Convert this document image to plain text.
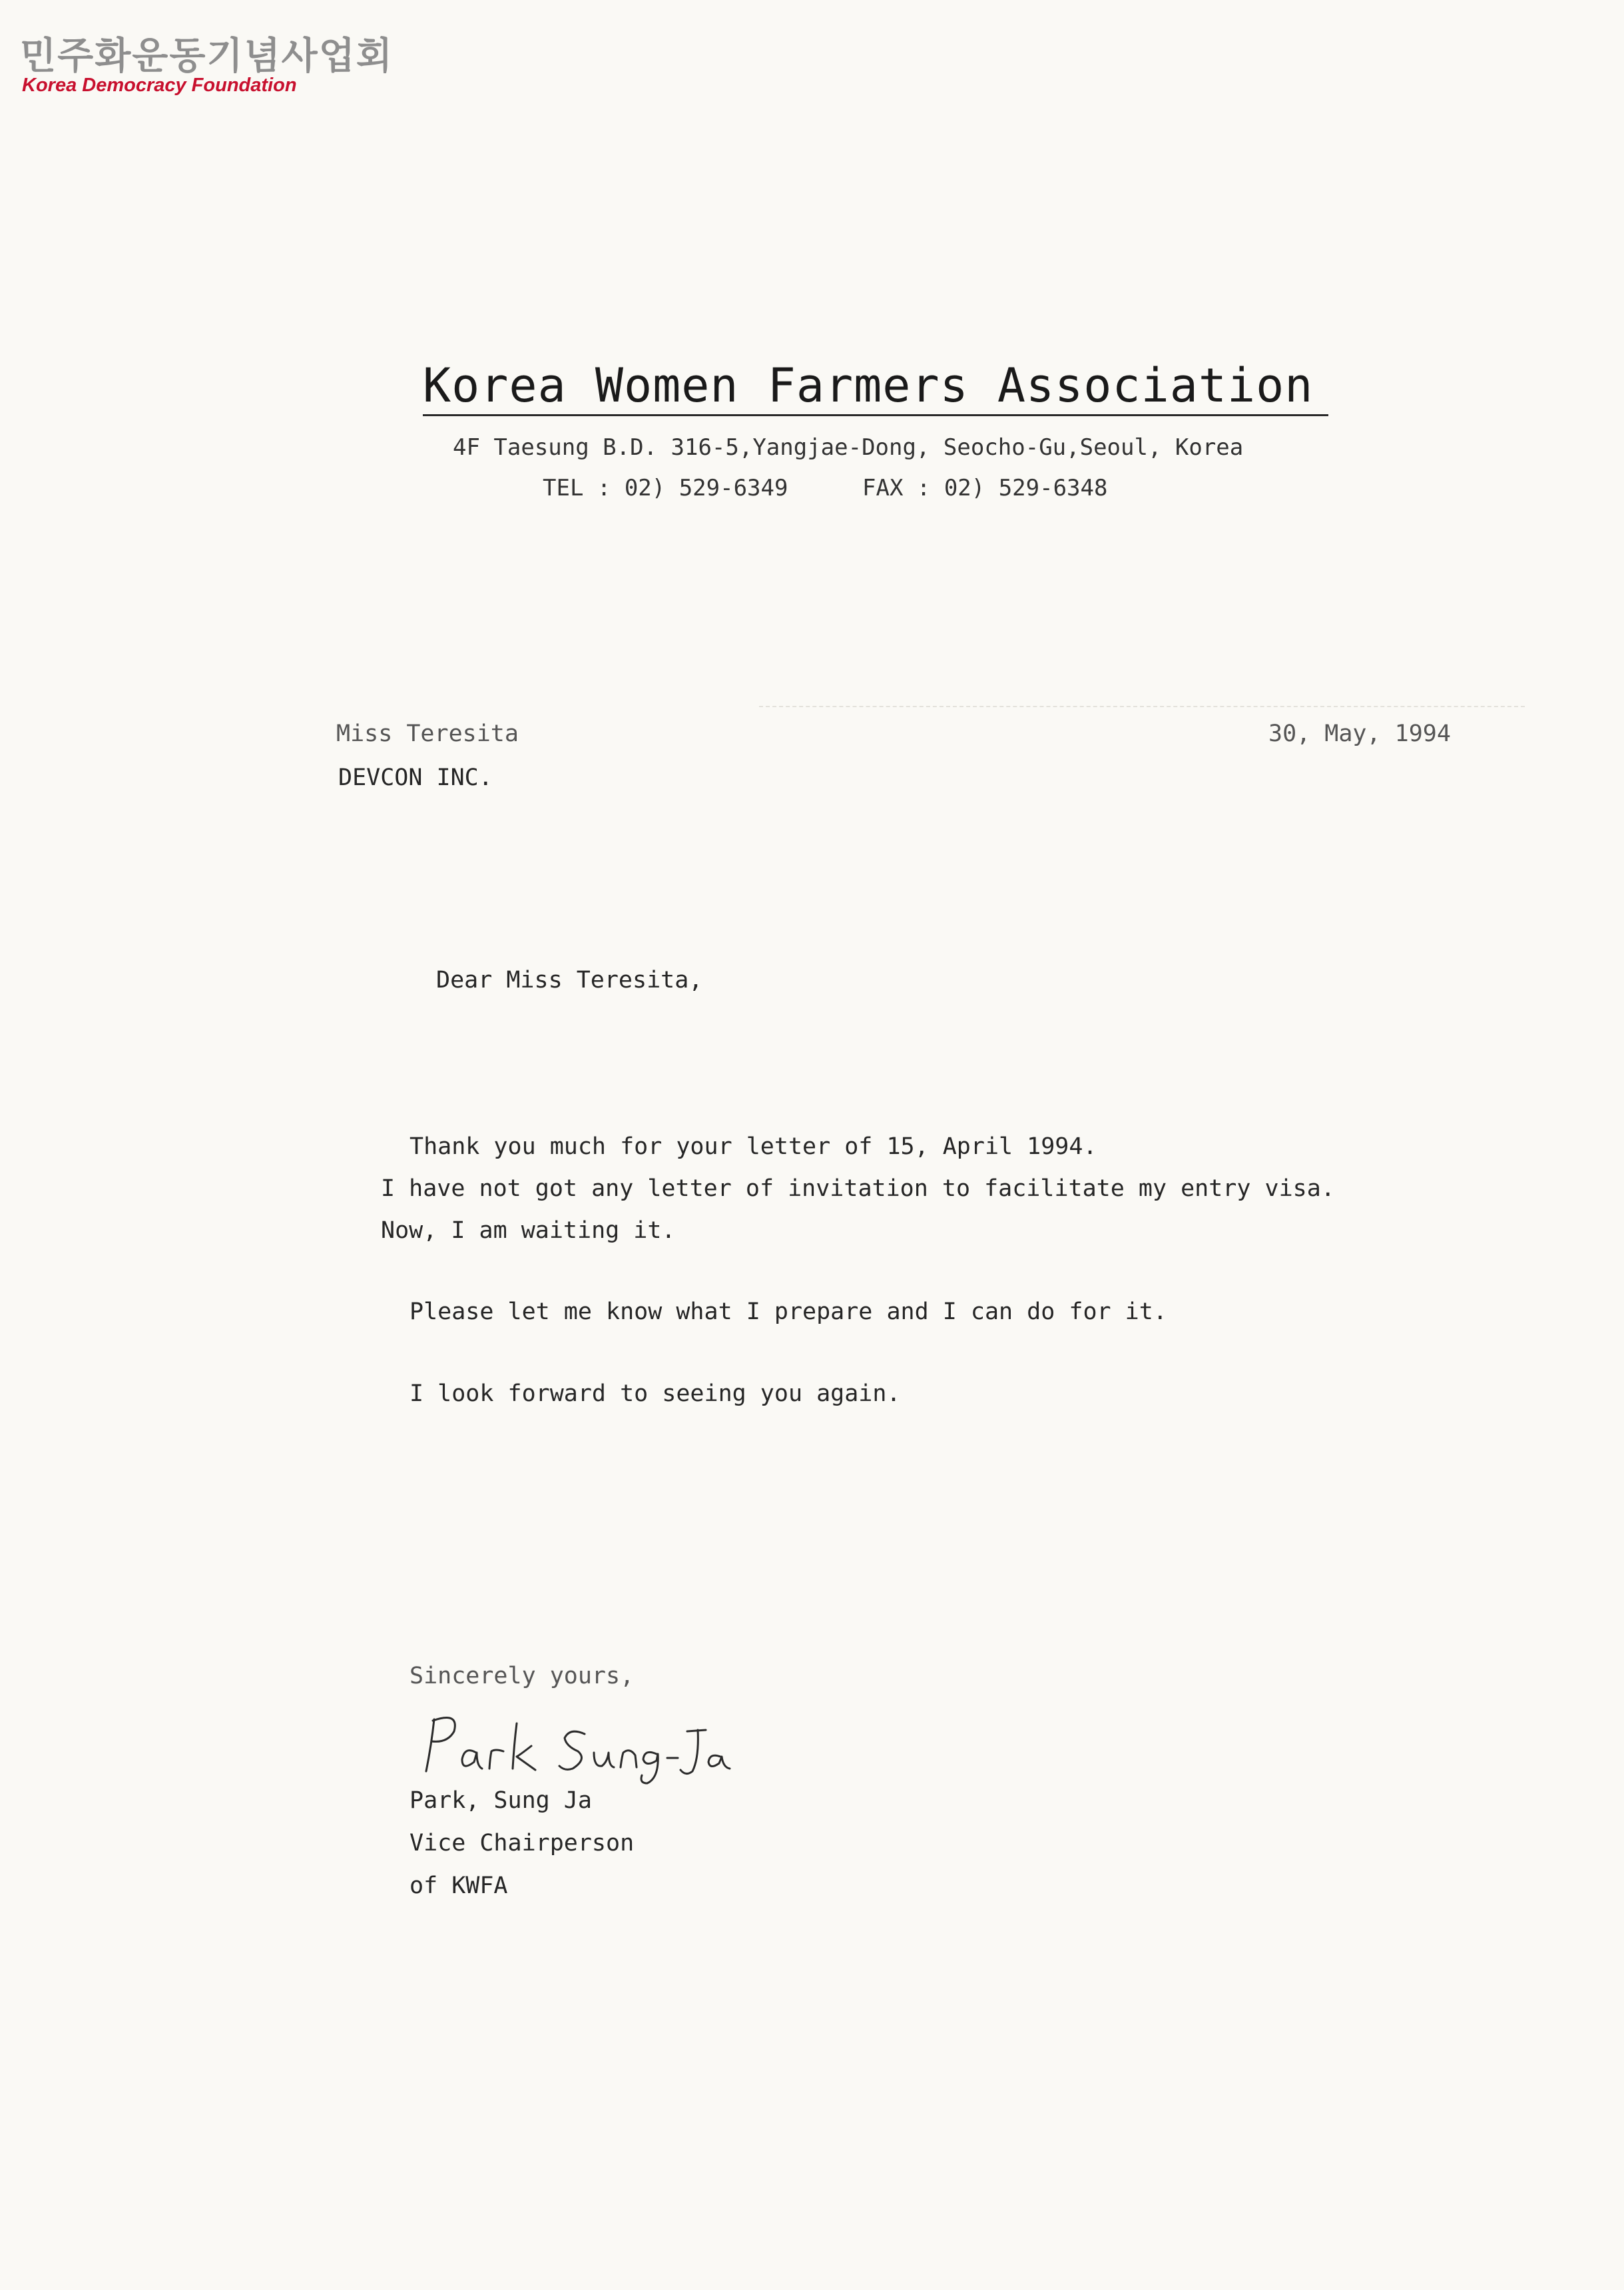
민주화운동기념사업회
Korea Democracy Foundation
Korea Women Farmers Association
4F Taesung B.D. 316-5,Yangjae-Dong, Seocho-Gu,Seoul, Korea
TEL : 02) 529-6349	FAX : 02) 529-6348
Miss Teresita
DEVCON INC.
30, May, 1994
Dear Miss Teresita,
Thank you much for your letter of 15, April 1994.
I have not got any letter of invitation to facilitate my entry visa.
Now, I am waiting it.
Please let me know what I prepare and I can do for it.
I look forward to seeing you again.
Sincerely yours,
Park, Sung Ja
Vice Chairperson
of KWFA
